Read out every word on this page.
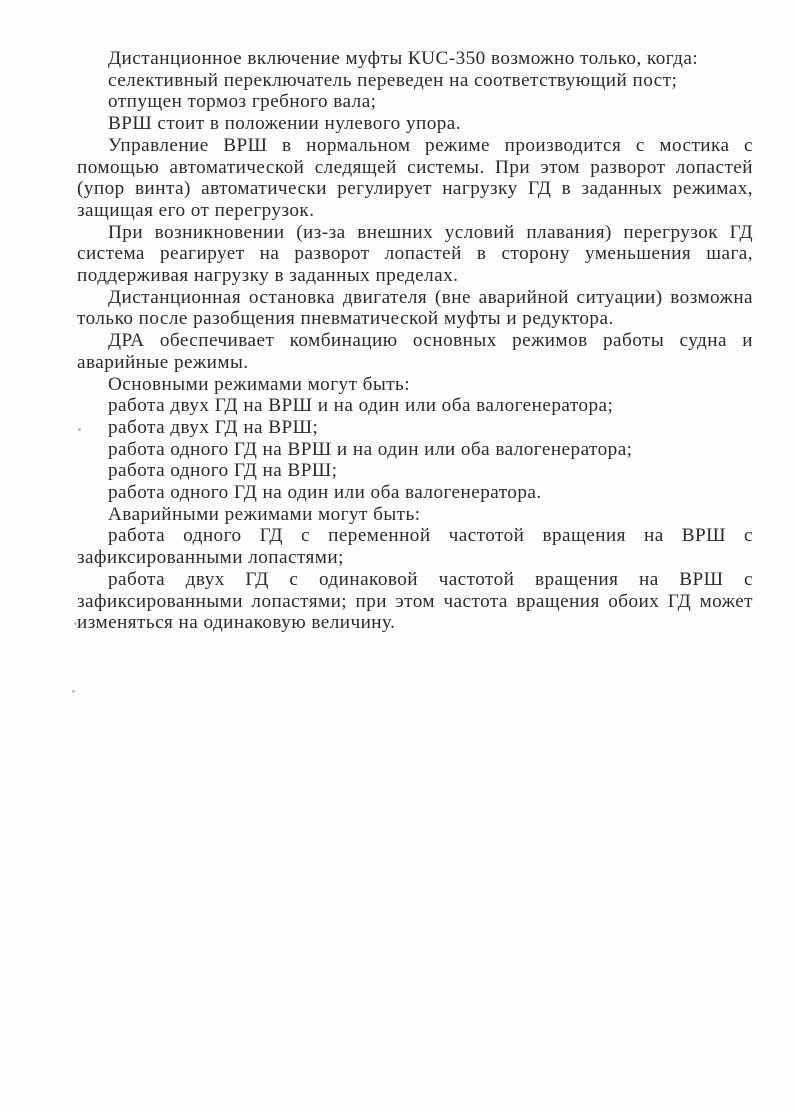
Дистанционное включение муфты КUC-350 возможно только, когда:

селективный переключатель переведен на соответствующий пост;

отпущен тормоз гребного вала;

ВРШ стоит в положении нулевого упора.

Управление ВРШ в нормальном режиме производится с мостика с помощью автоматической следящей системы. При этом разворот лопастей (упор винта) автоматически регулирует нагрузку ГД в заданных режимах, защищая его от перегрузок.

При возникновении (из-за внешних условий плавания) перегрузок ГД система реагирует на разворот лопастей в сторону уменьшения шага, поддерживая нагрузку в заданных пределах.

Дистанционная остановка двигателя (вне аварийной ситуации) возможна только после разобщения пневматической муфты и редуктора.

ДРА обеспечивает комбинацию основных режимов работы судна и аварийные режимы.

Основными режимами могут быть:

работа двух ГД на ВРШ и на один или оба валогенератора;

работа двух ГД на ВРШ;

работа одного ГД на ВРШ и на один или оба валогенератора;

работа одного ГД на ВРШ;

работа одного ГД на один или оба валогенератора.

Аварийными режимами могут быть:

работа одного ГД с переменной частотой вращения на ВРШ с зафиксированными лопастями;

работа двух ГД с одинаковой частотой вращения на ВРШ с зафиксированными лопастями; при этом частота вращения обоих ГД может изменяться на одинаковую величину.
